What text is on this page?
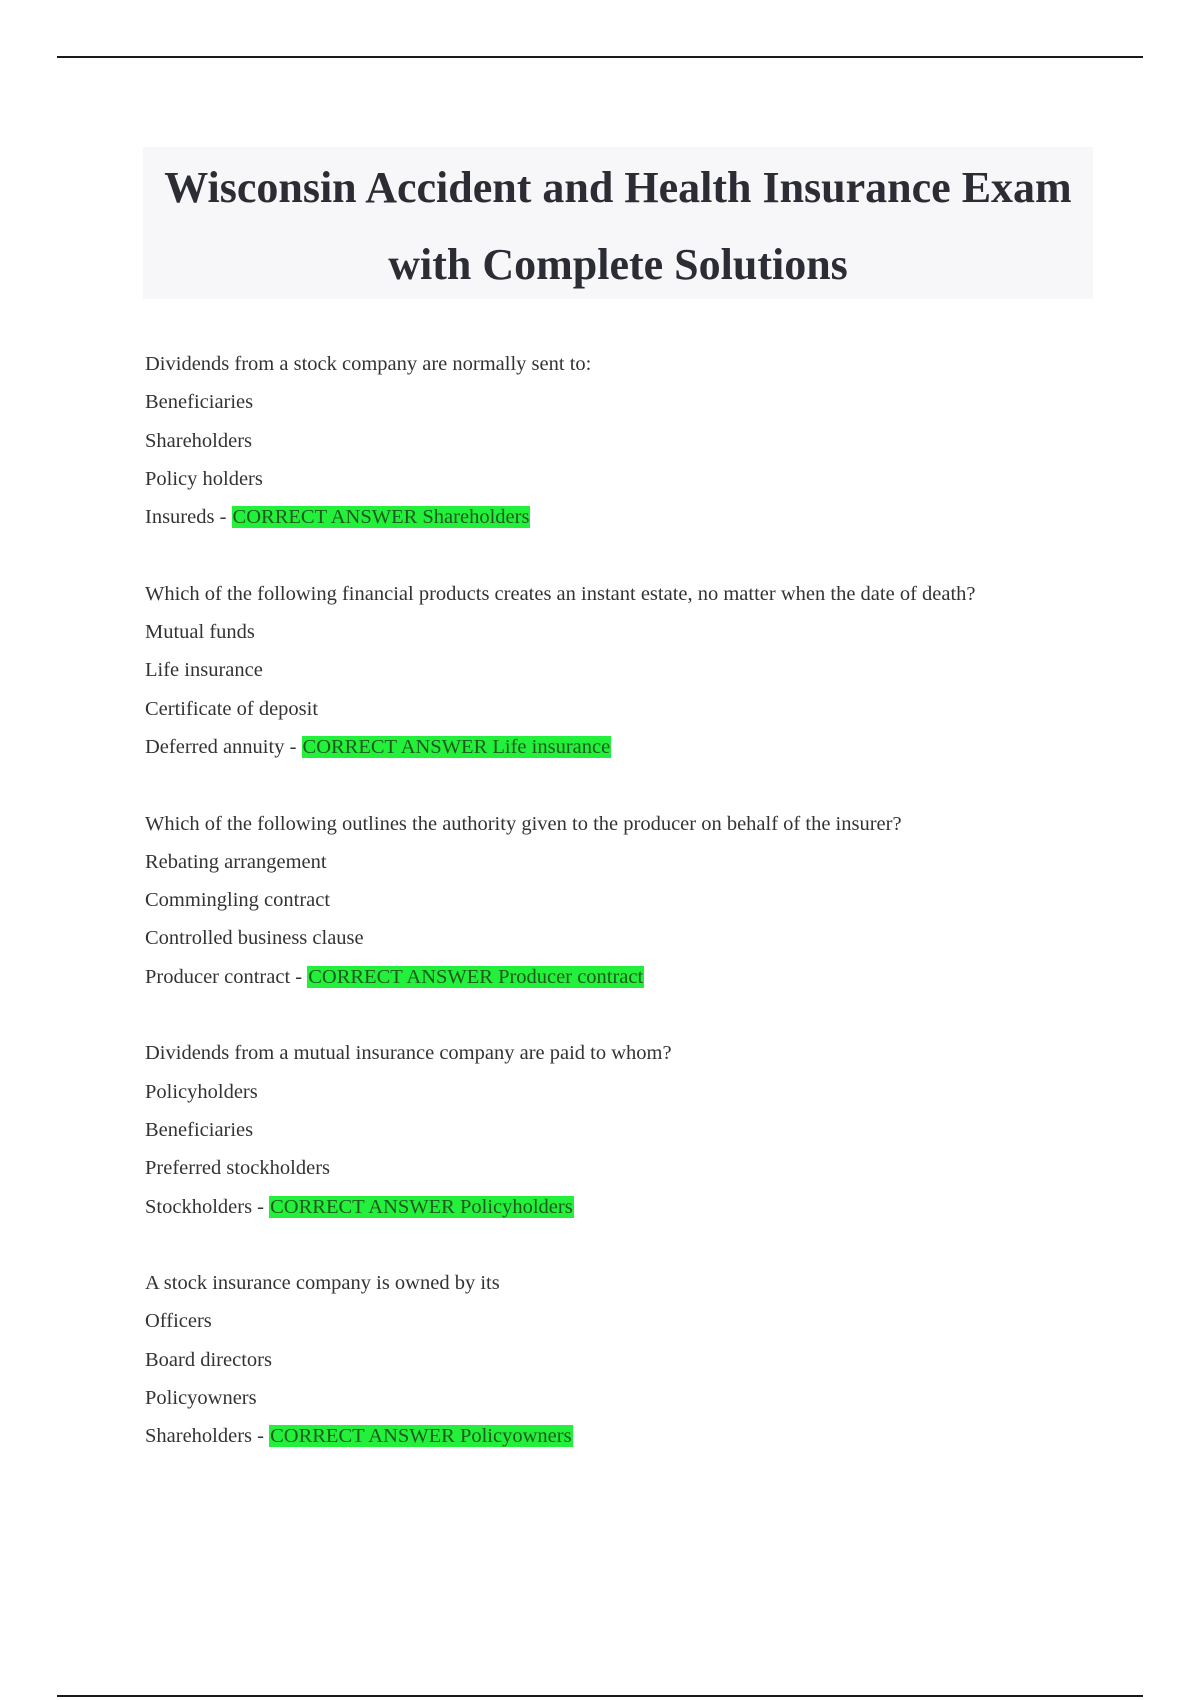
Wisconsin Accident and Health Insurance Exam
with Complete Solutions
Dividends from a stock company are normally sent to:
Beneficiaries
Shareholders
Policy holders
Insureds - CORRECT ANSWER Shareholders
Which of the following financial products creates an instant estate, no matter when the date of death?
Mutual funds
Life insurance
Certificate of deposit
Deferred annuity - CORRECT ANSWER Life insurance
Which of the following outlines the authority given to the producer on behalf of the insurer?
Rebating arrangement
Commingling contract
Controlled business clause
Producer contract - CORRECT ANSWER Producer contract
Dividends from a mutual insurance company are paid to whom?
Policyholders
Beneficiaries
Preferred stockholders
Stockholders - CORRECT ANSWER Policyholders
A stock insurance company is owned by its
Officers
Board directors
Policyowners
Shareholders - CORRECT ANSWER Policyowners
